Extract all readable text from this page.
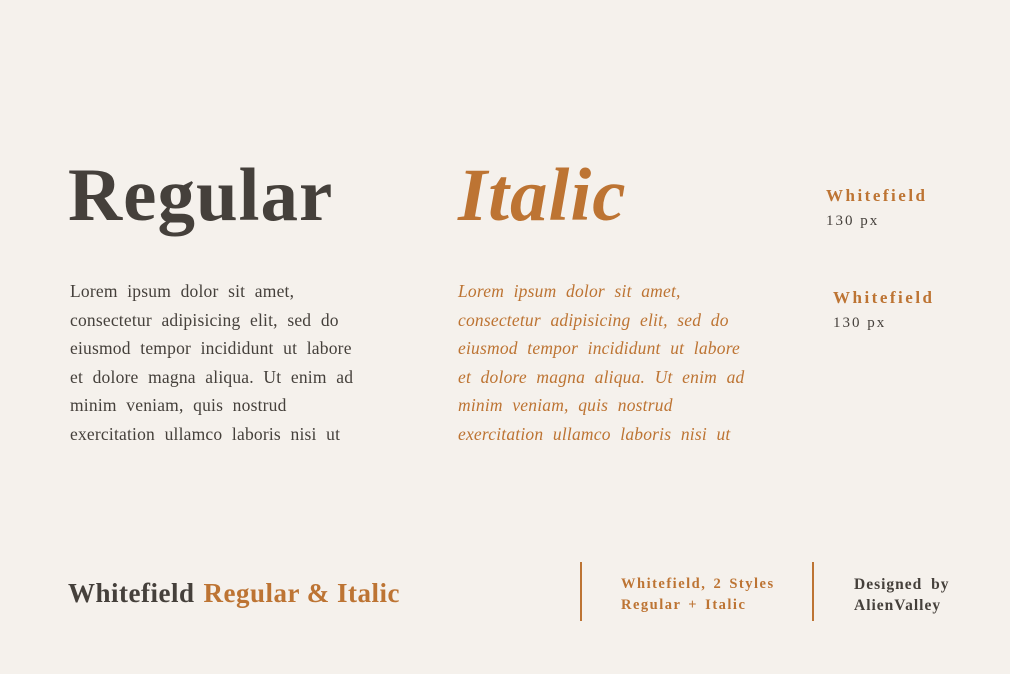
Regular
Lorem ipsum dolor sit amet,
consectetur adipisicing elit, sed do
eiusmod tempor incididunt ut labore
et dolore magna aliqua. Ut enim ad
minim veniam, quis nostrud
exercitation ullamco laboris nisi ut
Italic
Lorem ipsum dolor sit amet,
consectetur adipisicing elit, sed do
eiusmod tempor incididunt ut labore
et dolore magna aliqua. Ut enim ad
minim veniam, quis nostrud
exercitation ullamco laboris nisi ut
Whitefield
130 px
Whitefield
130 px
Whitefield Regular & Italic	Whitefield, 2 Styles
Regular + Italic
Designed by
AlienValley
